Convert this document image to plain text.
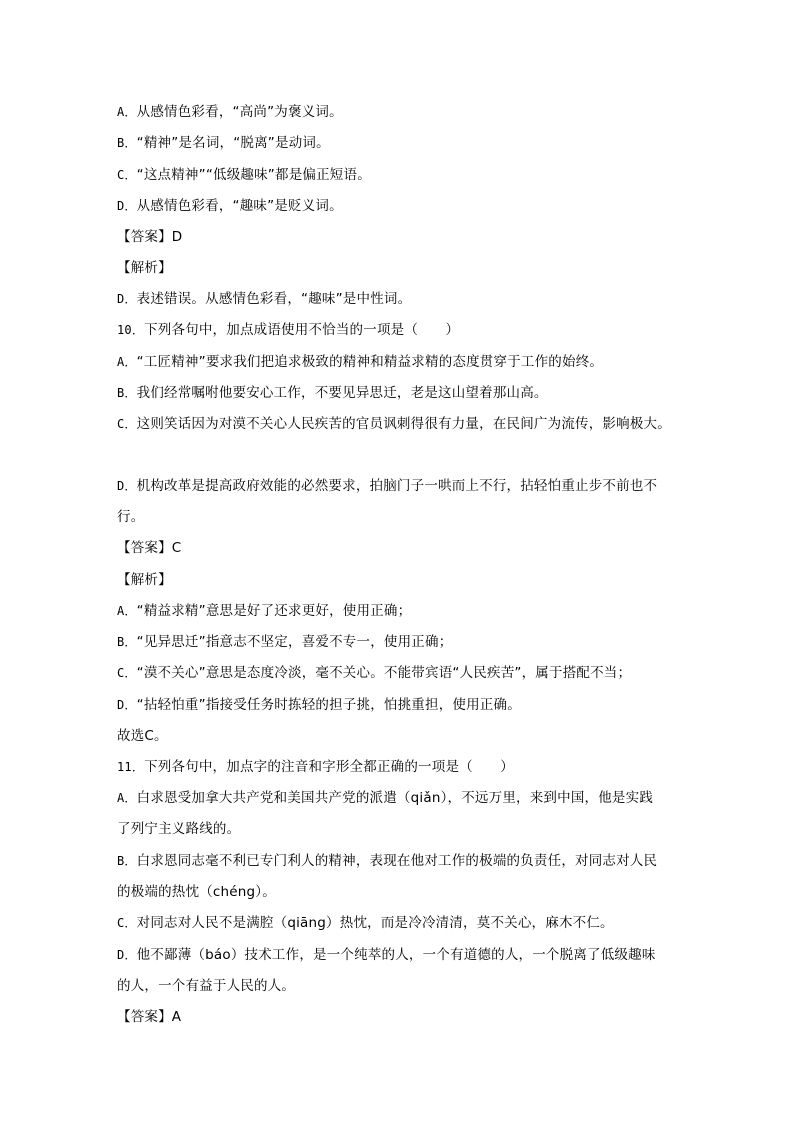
A．从感情色彩看，“高尚”为褒义词。
B．“精神”是名词，“脱离”是动词。
C．“这点精神”“低级趣味”都是偏正短语。
D．从感情色彩看，“趣味”是贬义词。
【答案】D
【解析】
D．表述错误。从感情色彩看，“趣味”是中性词。
10．下列各句中，加点成语使用不恰当的一项是（　　）
A．“工匠精神”要求我们把追求极致的精神和精益求精的态度贯穿于工作的始终。
B．我们经常嘱咐他要安心工作，不要见异思迁，老是这山望着那山高。
C．这则笑话因为对漠不关心人民疾苦的官员讽刺得很有力量，在民间广为流传，影响极大。
D．机构改革是提高政府效能的必然要求，拍脑门子一哄而上不行，拈轻怕重止步不前也不
行。
【答案】C
【解析】
A．“精益求精”意思是好了还求更好，使用正确；
B．“见异思迁”指意志不坚定，喜爱不专一，使用正确；
C．“漠不关心”意思是态度冷淡，毫不关心。不能带宾语“人民疾苦”，属于搭配不当；
D．“拈轻怕重”指接受任务时拣轻的担子挑，怕挑重担，使用正确。
故选C。
11．下列各句中，加点字的注音和字形全都正确的一项是（　　）
A．白求恩受加拿大共产党和美国共产党的派遣（qiǎn），不远万里，来到中国，他是实践
了列宁主义路线的。
B．白求恩同志毫不利已专门利人的精神，表现在他对工作的极端的负责任，对同志对人民
的极端的热忱（chéng）。
C．对同志对人民不是满腔（qiāng）热忱，而是冷冷清清，莫不关心，麻木不仁。
D．他不鄙薄（báo）技术工作，是一个纯萃的人，一个有道德的人，一个脱离了低级趣味
的人，一个有益于人民的人。
【答案】A
